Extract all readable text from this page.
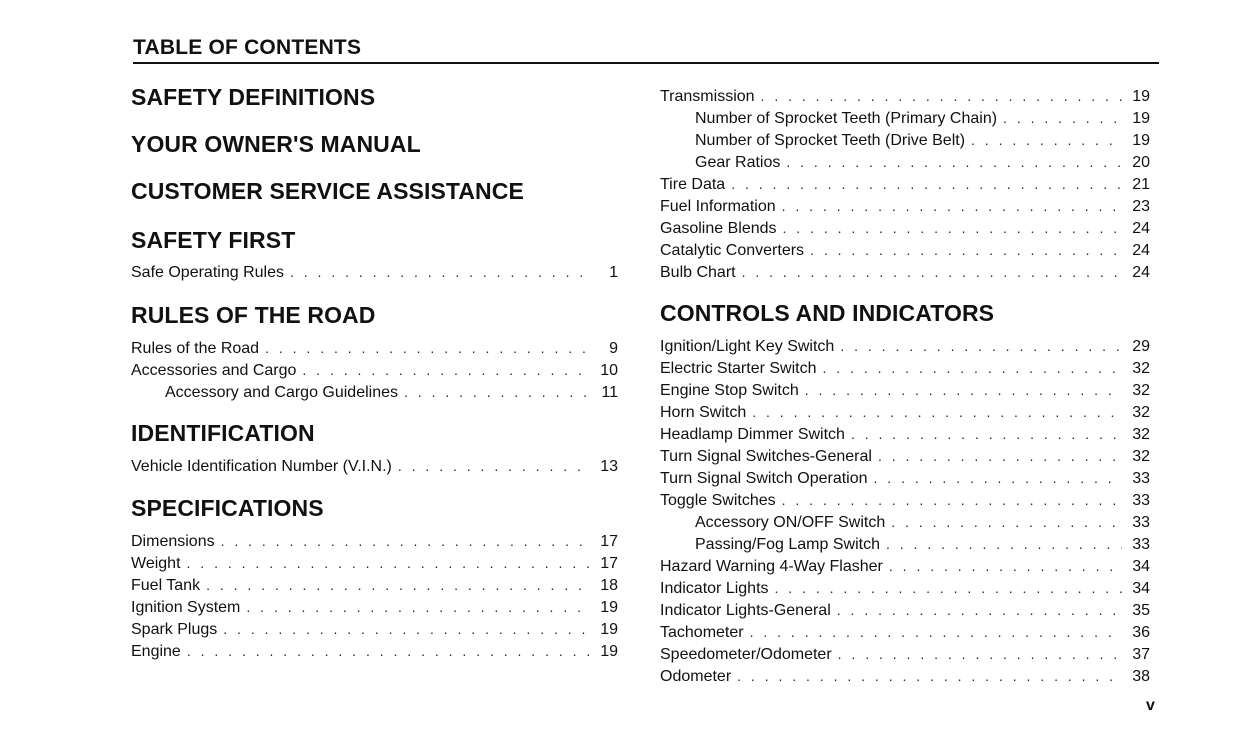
TABLE OF CONTENTS
SAFETY DEFINITIONS
YOUR OWNER'S MANUAL
CUSTOMER SERVICE ASSISTANCE
SAFETY FIRST
Safe Operating Rules . . .	1
RULES OF THE ROAD
Rules of the Road . . .	9
Accessories and Cargo . . .	10
Accessory and Cargo Guidelines . . .	11
IDENTIFICATION
Vehicle Identification Number (V.I.N.) . . .	13
SPECIFICATIONS
Dimensions . . .	17
Weight . . .	17
Fuel Tank . . .	18
Ignition System . . .	19
Spark Plugs . . .	19
Engine . . .	19
Transmission . . .	19
Number of Sprocket Teeth (Primary Chain) . . .	19
Number of Sprocket Teeth (Drive Belt) . . .	19
Gear Ratios . . .	20
Tire Data . . .	21
Fuel Information . . .	23
Gasoline Blends . . .	24
Catalytic Converters . . .	24
Bulb Chart . . .	24
CONTROLS AND INDICATORS
Ignition/Light Key Switch . . .	29
Electric Starter Switch . . .	32
Engine Stop Switch . . .	32
Horn Switch . . .	32
Headlamp Dimmer Switch . . .	32
Turn Signal Switches-General . . .	32
Turn Signal Switch Operation . . .	33
Toggle Switches . . .	33
Accessory ON/OFF Switch . . .	33
Passing/Fog Lamp Switch . . .	33
Hazard Warning 4-Way Flasher . . .	34
Indicator Lights . . .	34
Indicator Lights-General . . .	35
Tachometer . . .	36
Speedometer/Odometer . . .	37
Odometer . . .	38
v
